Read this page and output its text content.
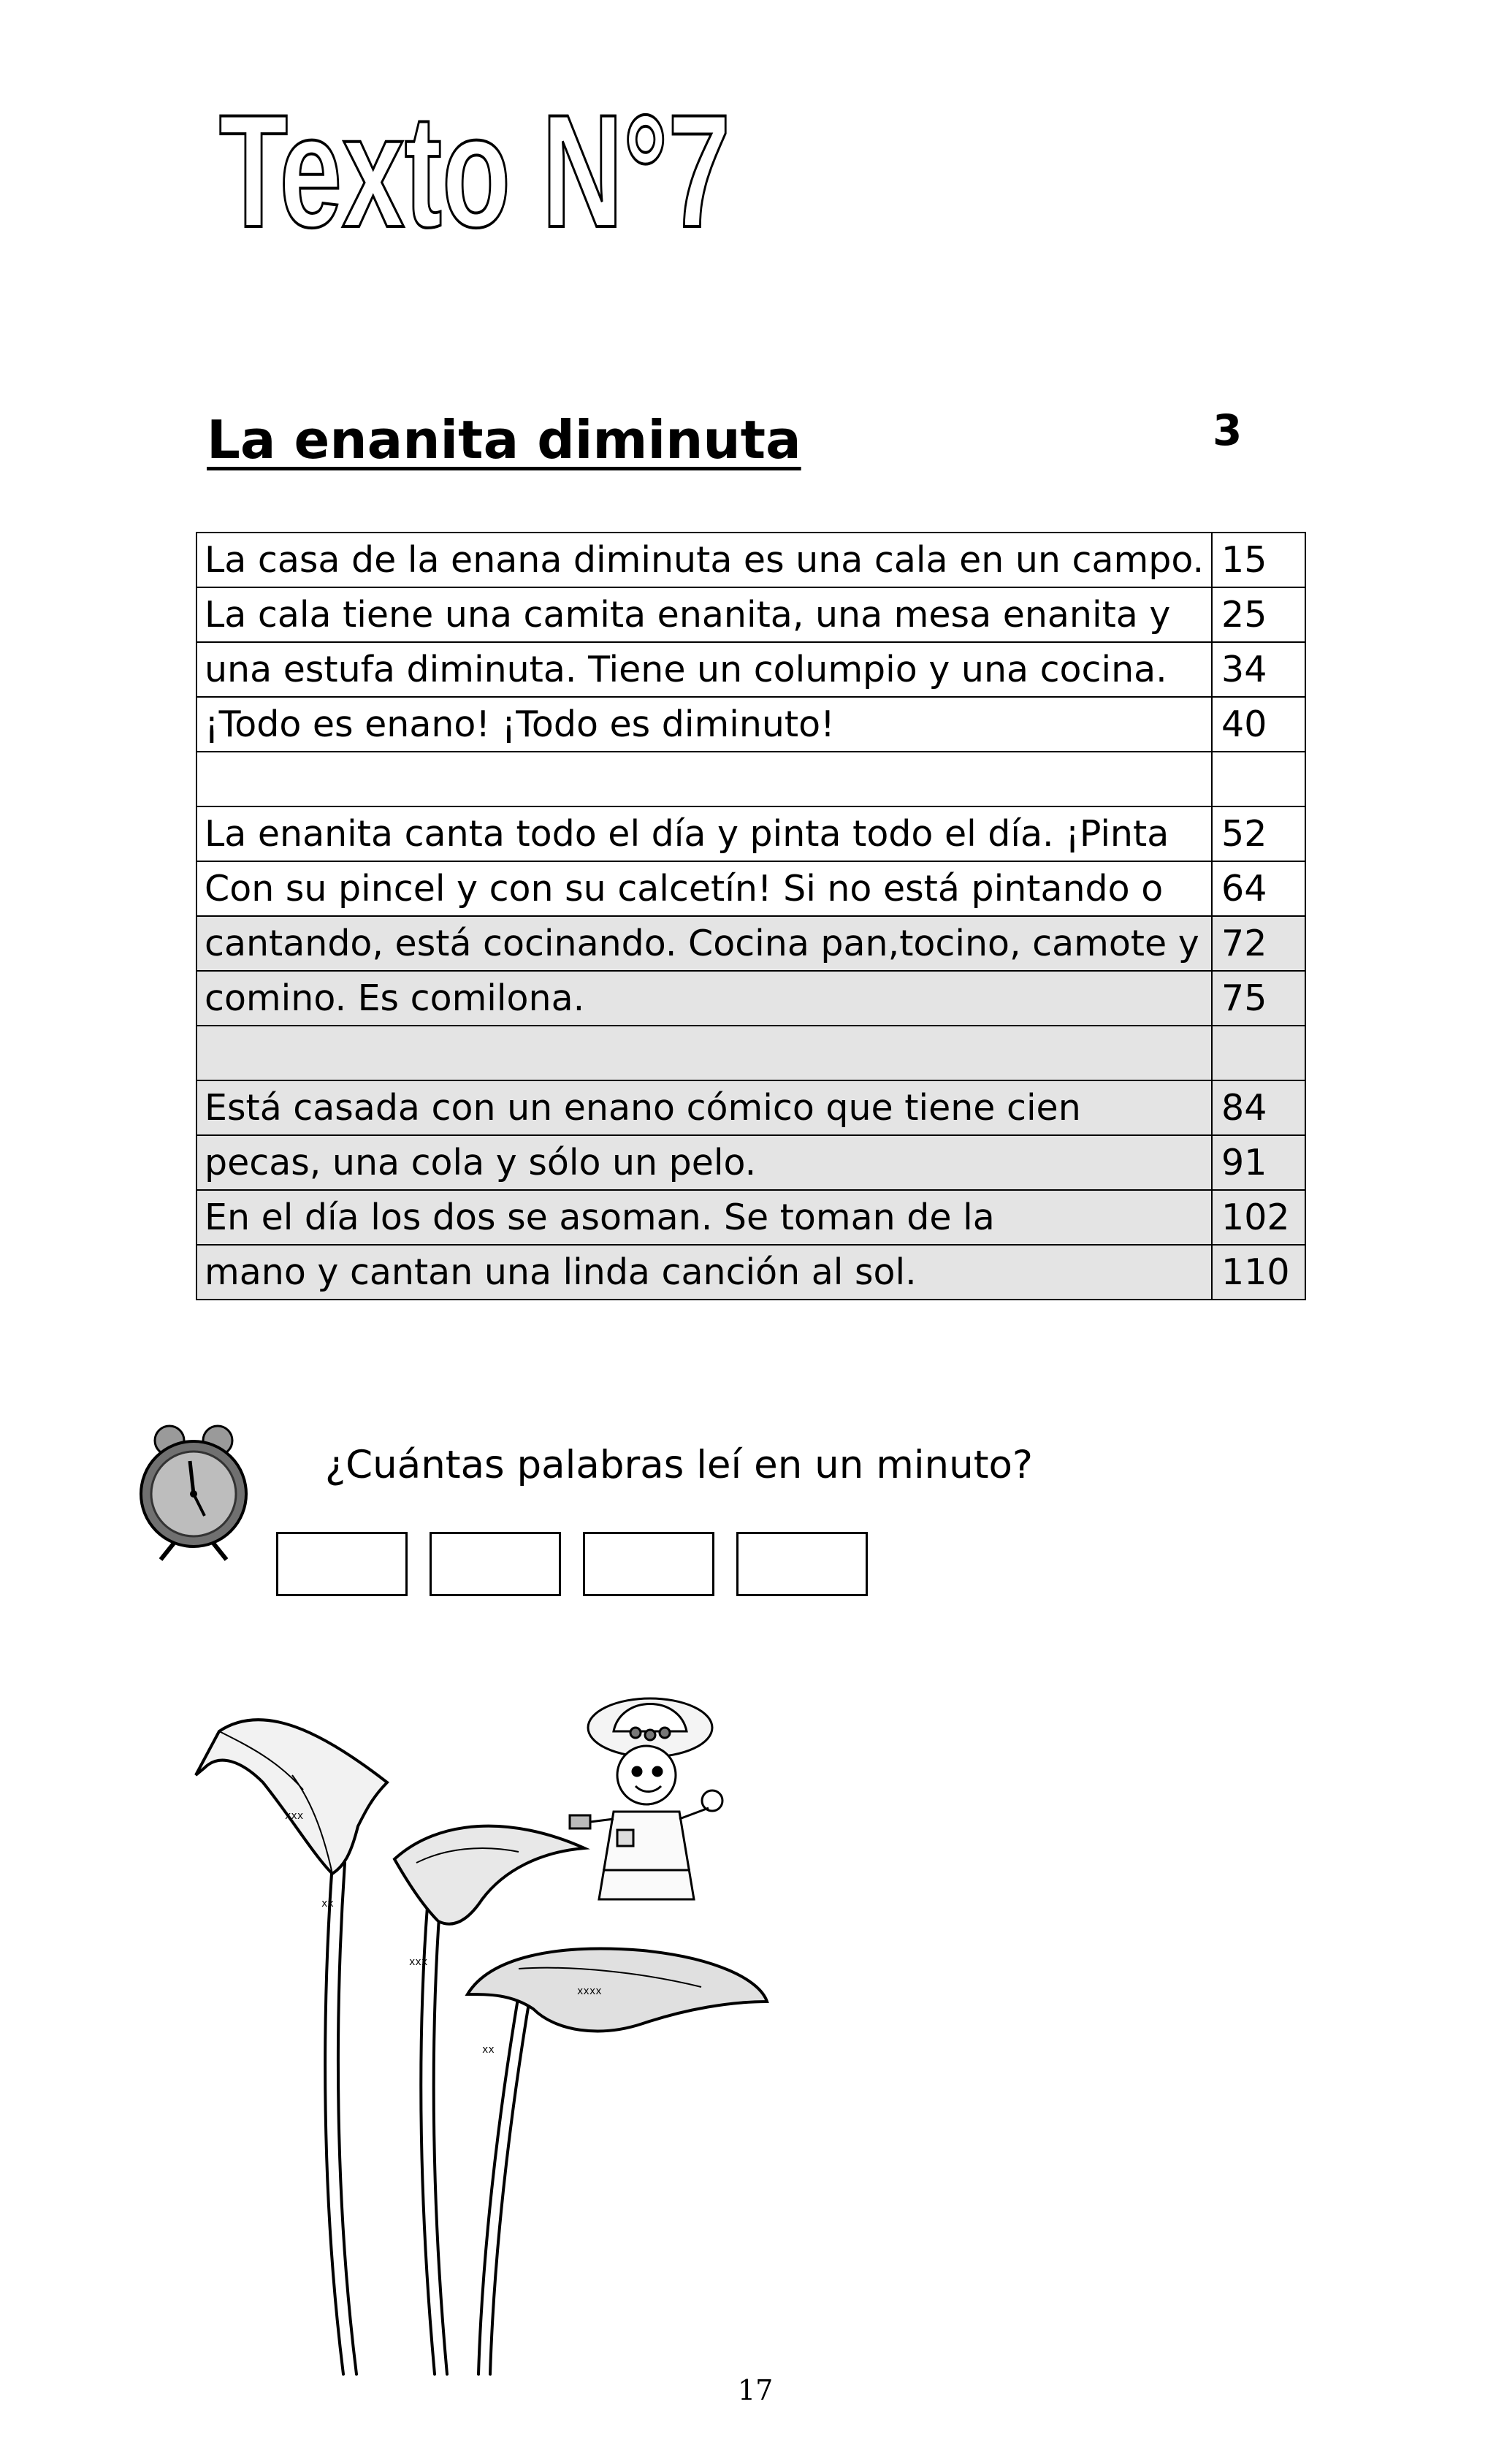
Texto N°7
La enanita diminuta	3
La casa de la enana diminuta es una cala en un campo.	15
La cala tiene una camita enanita, una mesa enanita y	25
una estufa diminuta. Tiene un columpio y una cocina.	34
¡Todo es enano! ¡Todo es diminuto!	40

La enanita canta todo el día y pinta todo el día. ¡Pinta	52
Con su pincel y con su calcetín! Si no está pintando o	64
cantando, está cocinando. Cocina pan,tocino, camote y	72
comino. Es comilona.	75

Está casada con un enano cómico que tiene cien	84
pecas, una cola y sólo un pelo.	91
En el día los dos se asoman. Se toman de la	102
mano y cantan una linda canción al sol.	110
¿Cuántas palabras leí en un minuto?
xxx
xx
xxx
xx
xxxx
17
